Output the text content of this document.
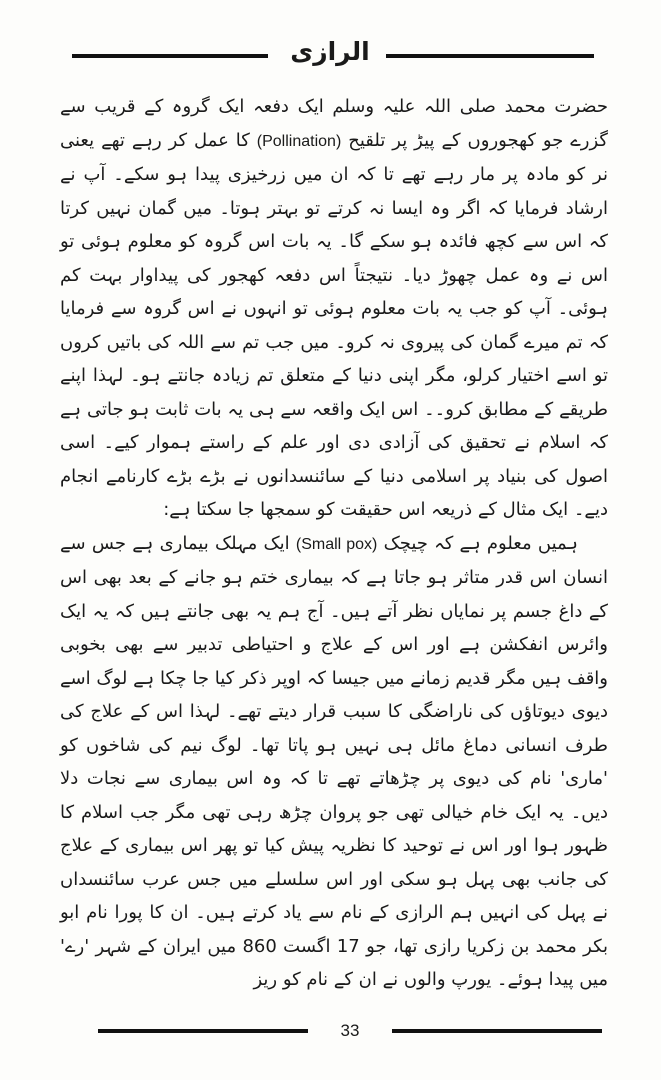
الرازی

حضرت محمد صلی اللہ علیہ وسلم ایک دفعہ ایک گروہ کے قریب سے گزرے جو کھجوروں کے پیڑ پر تلقیح (Pollination) کا عمل کر رہے تھے یعنی نر کو مادہ پر مار رہے تھے تا کہ ان میں زرخیزی پیدا ہو سکے۔ آپ نے ارشاد فرمایا کہ اگر وہ ایسا نہ کرتے تو بہتر ہوتا۔ میں گمان نہیں کرتا کہ اس سے کچھ فائدہ ہو سکے گا۔ یہ بات اس گروہ کو معلوم ہوئی تو اس نے وہ عمل چھوڑ دیا۔ نتیجتاً اس دفعہ کھجور کی پیداوار بہت کم ہوئی۔ آپ کو جب یہ بات معلوم ہوئی تو انہوں نے اس گروہ سے فرمایا کہ تم میرے گمان کی پیروی نہ کرو۔ میں جب تم سے اللہ کی باتیں کروں تو اسے اختیار کرلو، مگر اپنی دنیا کے متعلق تم زیادہ جانتے ہو۔ لہذا اپنے طریقے کے مطابق کرو۔۔ اس ایک واقعہ سے ہی یہ بات ثابت ہو جاتی ہے کہ اسلام نے تحقیق کی آزادی دی اور علم کے راستے ہموار کیے۔ اسی اصول کی بنیاد پر اسلامی دنیا کے سائنسدانوں نے بڑے بڑے کارنامے انجام دیے۔ ایک مثال کے ذریعہ اس حقیقت کو سمجھا جا سکتا ہے:

ہمیں معلوم ہے کہ چیچک (Small pox) ایک مہلک بیماری ہے جس سے انسان اس قدر متاثر ہو جاتا ہے کہ بیماری ختم ہو جانے کے بعد بھی اس کے داغ جسم پر نمایاں نظر آتے ہیں۔ آج ہم یہ بھی جانتے ہیں کہ یہ ایک وائرس انفکشن ہے اور اس کے علاج و احتیاطی تدبیر سے بھی بخوبی واقف ہیں مگر قدیم زمانے میں جیسا کہ اوپر ذکر کیا جا چکا ہے لوگ اسے دیوی دیوتاؤں کی ناراضگی کا سبب قرار دیتے تھے۔ لہذا اس کے علاج کی طرف انسانی دماغ مائل ہی نہیں ہو پاتا تھا۔ لوگ نیم کی شاخوں کو 'ماری' نام کی دیوی پر چڑھاتے تھے تا کہ وہ اس بیماری سے نجات دلا دیں۔ یہ ایک خام خیالی تھی جو پروان چڑھ رہی تھی مگر جب اسلام کا ظہور ہوا اور اس نے توحید کا نظریہ پیش کیا تو پھر اس بیماری کے علاج کی جانب بھی پہل ہو سکی اور اس سلسلے میں جس عرب سائنسداں نے پہل کی انہیں ہم الرازی کے نام سے یاد کرتے ہیں۔ ان کا پورا نام ابو بکر محمد بن زکریا رازی تھا، جو 17 اگست 860 میں ایران کے شہر 'رے' میں پیدا ہوئے۔ یورپ والوں نے ان کے نام کو ریز

33
